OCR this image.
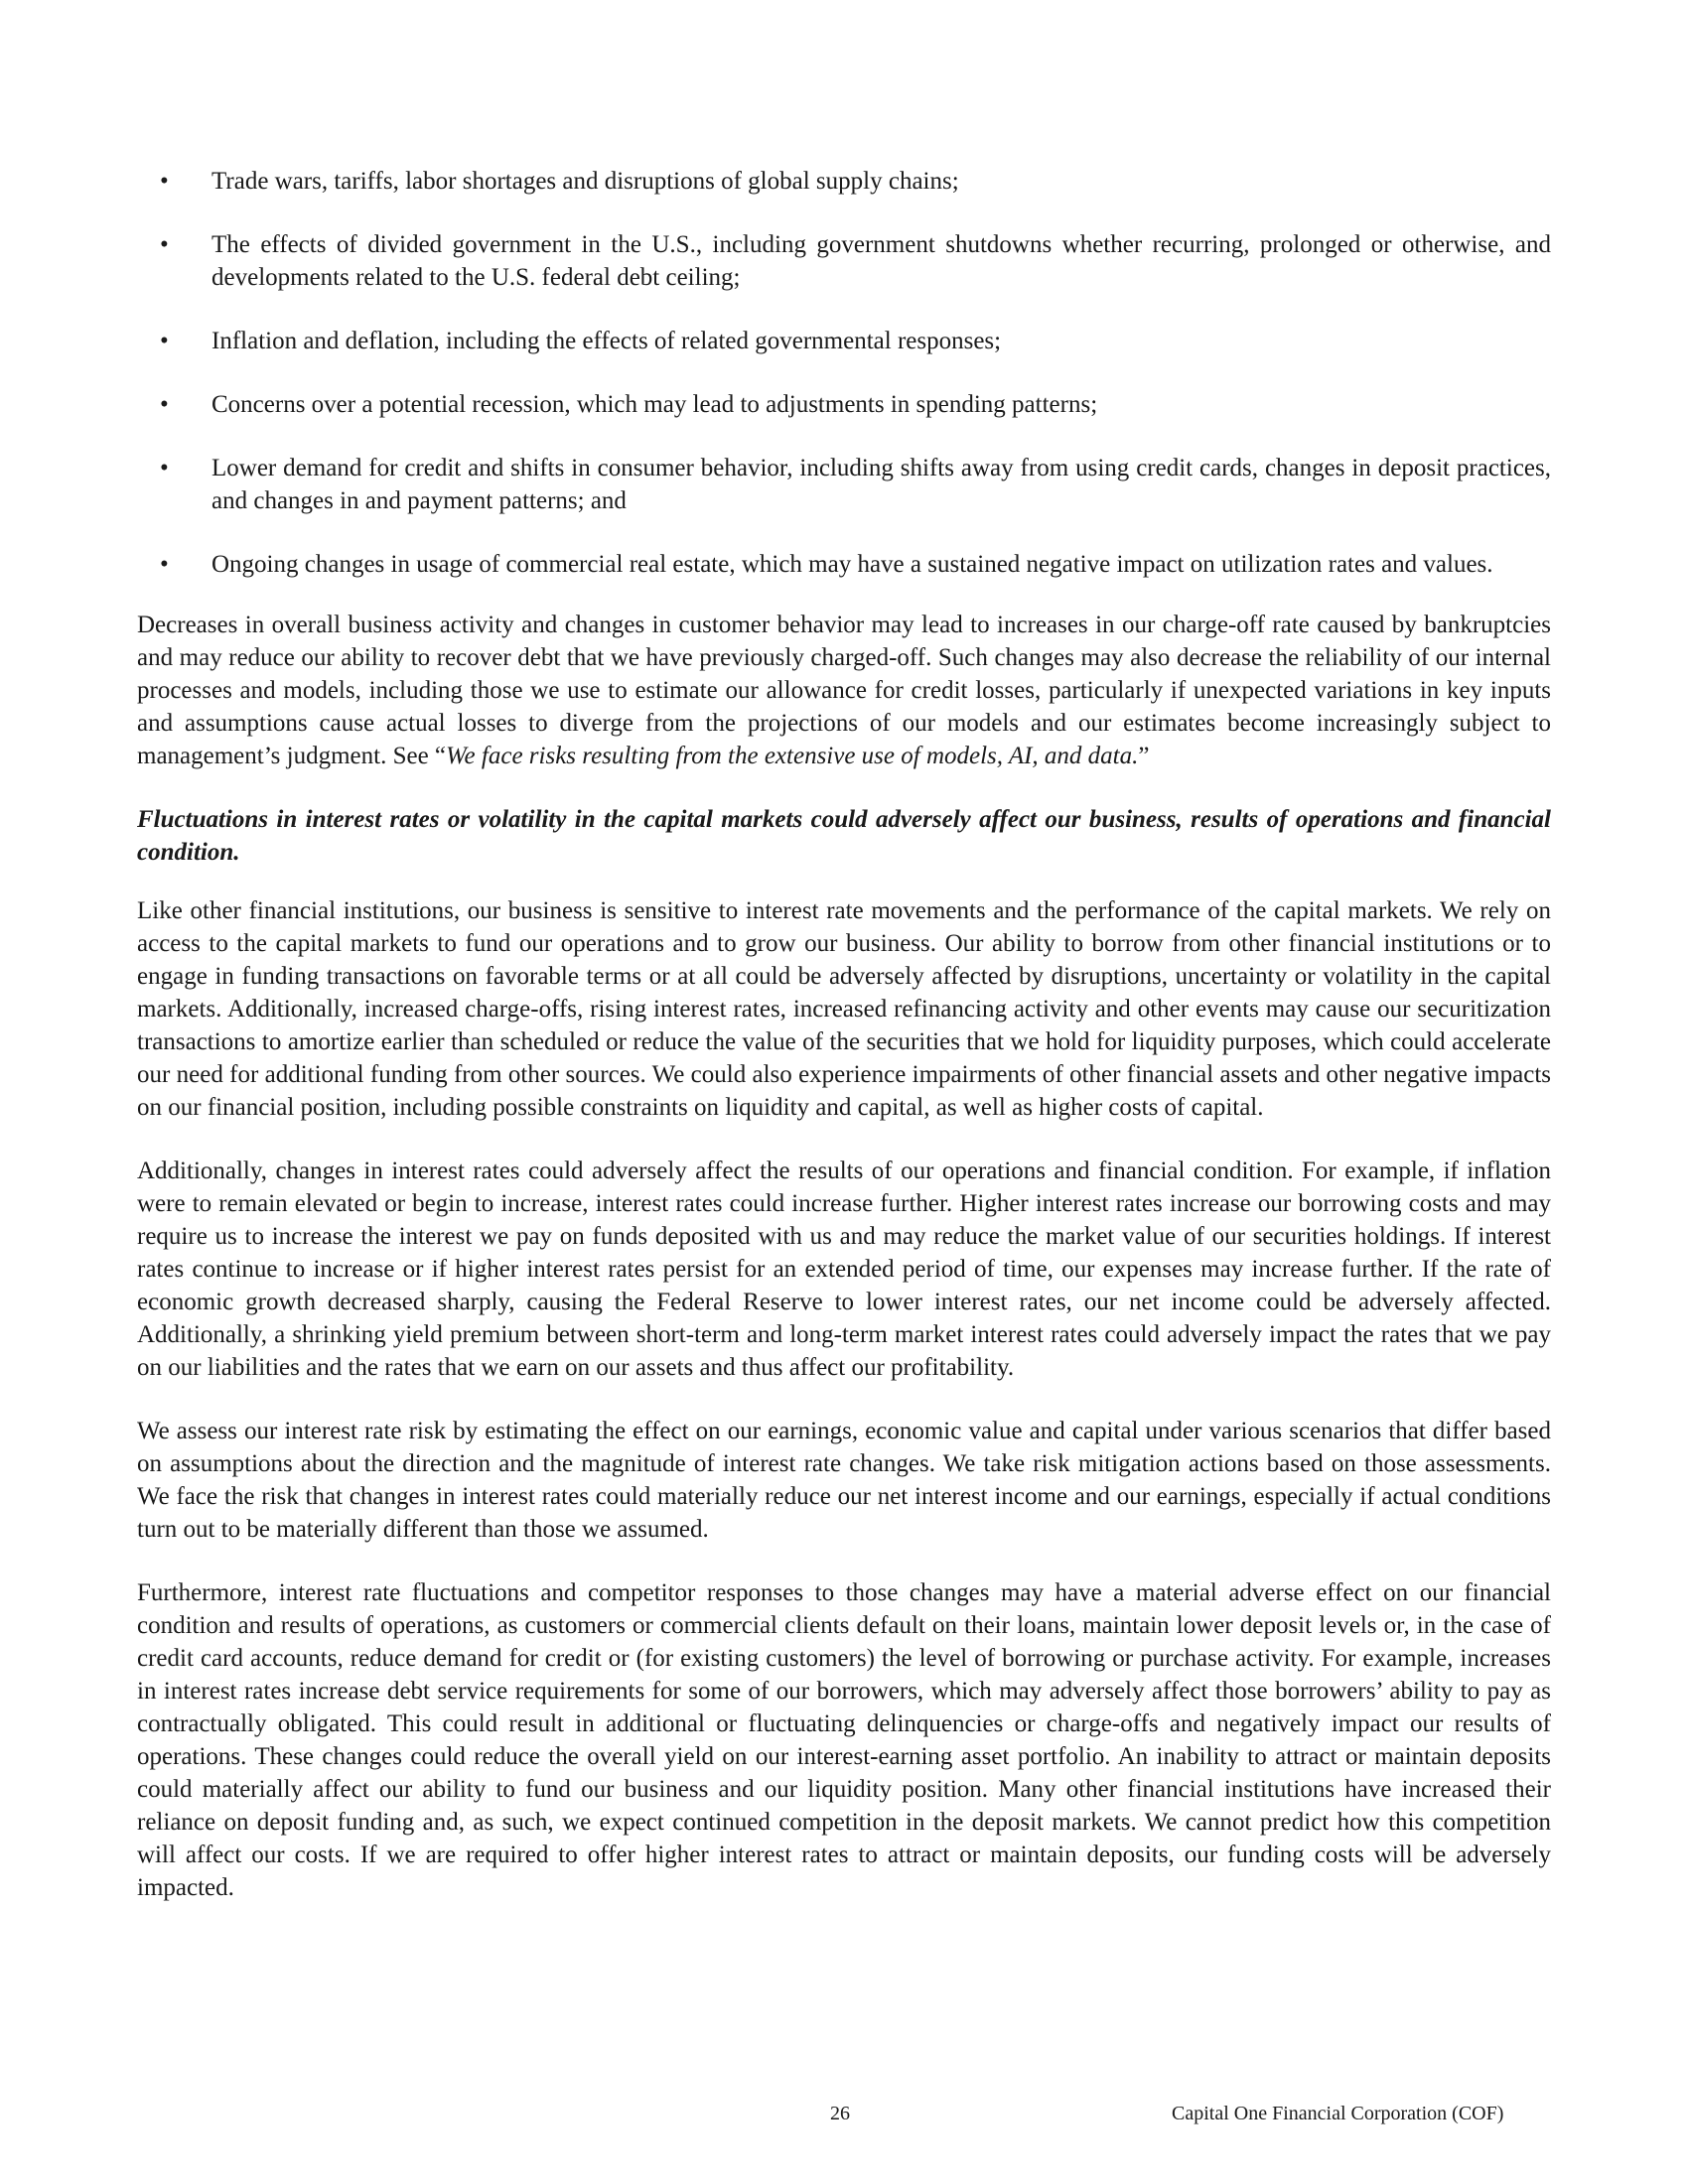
• Trade wars, tariffs, labor shortages and disruptions of global supply chains;
• The effects of divided government in the U.S., including government shutdowns whether recurring, prolonged or otherwise, and developments related to the U.S. federal debt ceiling;
• Inflation and deflation, including the effects of related governmental responses;
• Concerns over a potential recession, which may lead to adjustments in spending patterns;
• Lower demand for credit and shifts in consumer behavior, including shifts away from using credit cards, changes in deposit practices, and changes in and payment patterns; and
• Ongoing changes in usage of commercial real estate, which may have a sustained negative impact on utilization rates and values.

Decreases in overall business activity and changes in customer behavior may lead to increases in our charge-off rate caused by bankruptcies and may reduce our ability to recover debt that we have previously charged-off. Such changes may also decrease the reliability of our internal processes and models, including those we use to estimate our allowance for credit losses, particularly if unexpected variations in key inputs and assumptions cause actual losses to diverge from the projections of our models and our estimates become increasingly subject to management’s judgment. See “We face risks resulting from the extensive use of models, AI, and data.”

Fluctuations in interest rates or volatility in the capital markets could adversely affect our business, results of operations and financial condition.

Like other financial institutions, our business is sensitive to interest rate movements and the performance of the capital markets. We rely on access to the capital markets to fund our operations and to grow our business. Our ability to borrow from other financial institutions or to engage in funding transactions on favorable terms or at all could be adversely affected by disruptions, uncertainty or volatility in the capital markets. Additionally, increased charge-offs, rising interest rates, increased refinancing activity and other events may cause our securitization transactions to amortize earlier than scheduled or reduce the value of the securities that we hold for liquidity purposes, which could accelerate our need for additional funding from other sources. We could also experience impairments of other financial assets and other negative impacts on our financial position, including possible constraints on liquidity and capital, as well as higher costs of capital.

Additionally, changes in interest rates could adversely affect the results of our operations and financial condition. For example, if inflation were to remain elevated or begin to increase, interest rates could increase further. Higher interest rates increase our borrowing costs and may require us to increase the interest we pay on funds deposited with us and may reduce the market value of our securities holdings. If interest rates continue to increase or if higher interest rates persist for an extended period of time, our expenses may increase further. If the rate of economic growth decreased sharply, causing the Federal Reserve to lower interest rates, our net income could be adversely affected. Additionally, a shrinking yield premium between short-term and long-term market interest rates could adversely impact the rates that we pay on our liabilities and the rates that we earn on our assets and thus affect our profitability.

We assess our interest rate risk by estimating the effect on our earnings, economic value and capital under various scenarios that differ based on assumptions about the direction and the magnitude of interest rate changes. We take risk mitigation actions based on those assessments. We face the risk that changes in interest rates could materially reduce our net interest income and our earnings, especially if actual conditions turn out to be materially different than those we assumed.

Furthermore, interest rate fluctuations and competitor responses to those changes may have a material adverse effect on our financial condition and results of operations, as customers or commercial clients default on their loans, maintain lower deposit levels or, in the case of credit card accounts, reduce demand for credit or (for existing customers) the level of borrowing or purchase activity. For example, increases in interest rates increase debt service requirements for some of our borrowers, which may adversely affect those borrowers’ ability to pay as contractually obligated. This could result in additional or fluctuating delinquencies or charge-offs and negatively impact our results of operations. These changes could reduce the overall yield on our interest-earning asset portfolio. An inability to attract or maintain deposits could materially affect our ability to fund our business and our liquidity position. Many other financial institutions have increased their reliance on deposit funding and, as such, we expect continued competition in the deposit markets. We cannot predict how this competition will affect our costs. If we are required to offer higher interest rates to attract or maintain deposits, our funding costs will be adversely impacted.

26	Capital One Financial Corporation (COF)
